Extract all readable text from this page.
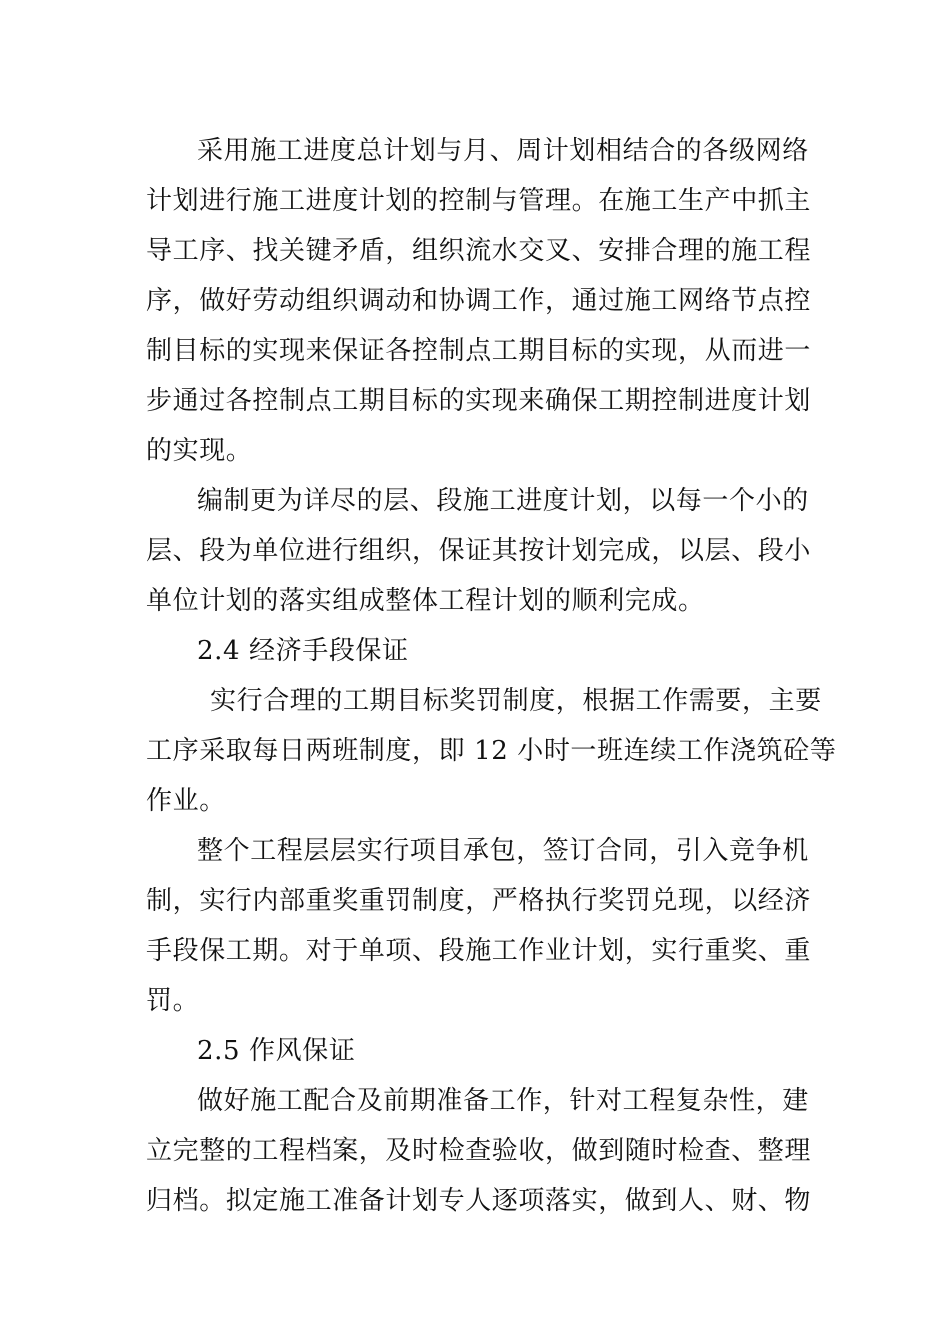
采用施工进度总计划与月、周计划相结合的各级网络
计划进行施工进度计划的控制与管理。在施工生产中抓主
导工序、找关键矛盾，组织流水交叉、安排合理的施工程
序，做好劳动组织调动和协调工作，通过施工网络节点控
制目标的实现来保证各控制点工期目标的实现，从而进一
步通过各控制点工期目标的实现来确保工期控制进度计划
的实现。
编制更为详尽的层、段施工进度计划，以每一个小的
层、段为单位进行组织，保证其按计划完成，以层、段小
单位计划的落实组成整体工程计划的顺利完成。
2.4 经济手段保证
实行合理的工期目标奖罚制度，根据工作需要，主要
工序采取每日两班制度，即 12 小时一班连续工作浇筑砼等
作业。
整个工程层层实行项目承包，签订合同，引入竞争机
制，实行内部重奖重罚制度，严格执行奖罚兑现，以经济
手段保工期。对于单项、段施工作业计划，实行重奖、重
罚。
2.5 作风保证
做好施工配合及前期准备工作，针对工程复杂性，建
立完整的工程档案，及时检查验收，做到随时检查、整理
归档。拟定施工准备计划专人逐项落实，做到人、财、物
